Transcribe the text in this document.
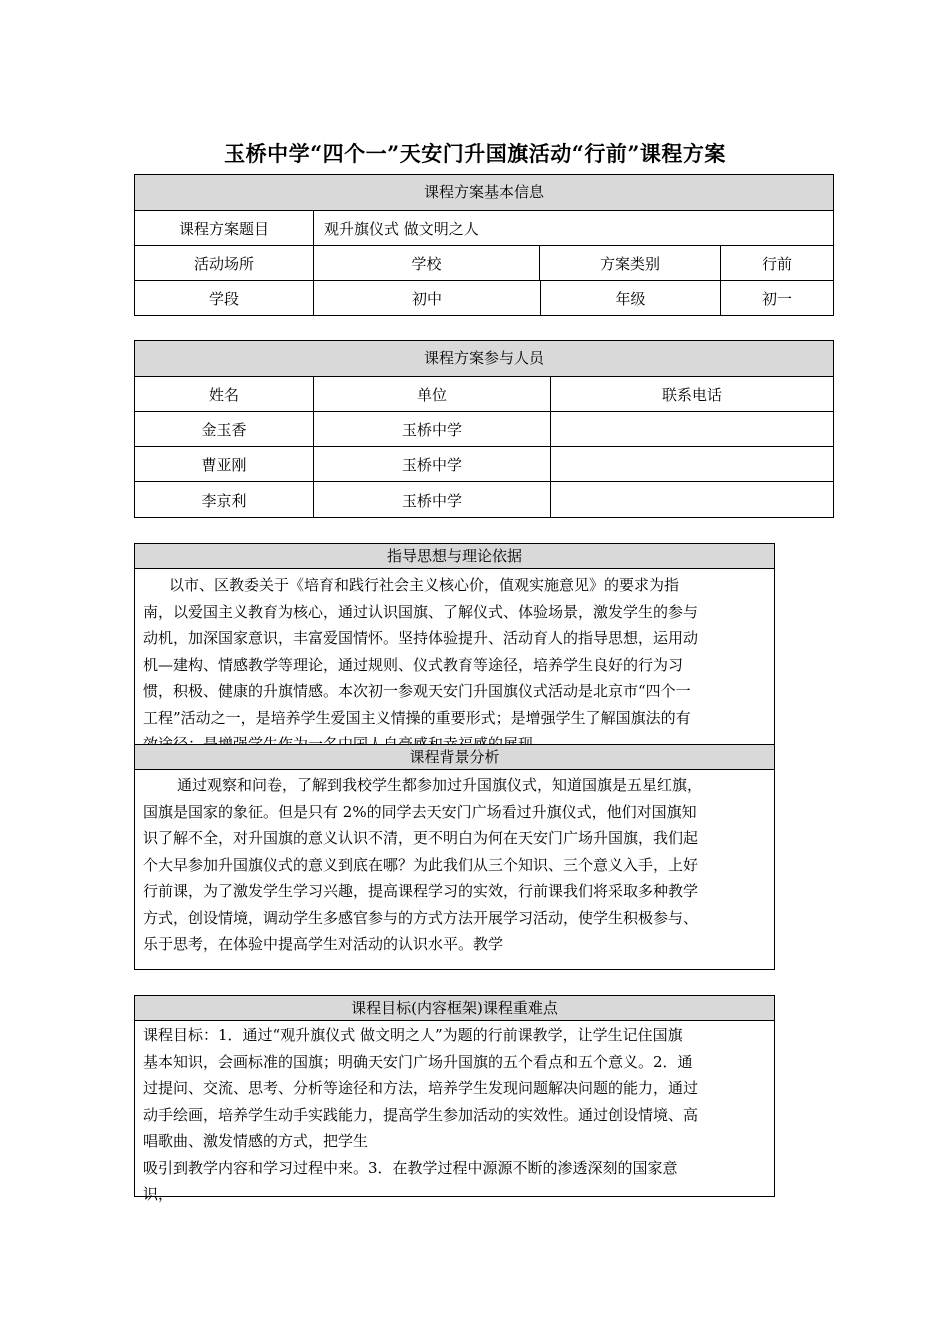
玉桥中学“四个一”天安门升国旗活动“行前”课程方案
课程方案基本信息
课程方案题目	观升旗仪式 做文明之人
活动场所	学校	方案类别	行前
学段	初中	年级	初一
课程方案参与人员
姓名	单位	联系电话
金玉香	玉桥中学
曹亚刚	玉桥中学
李京利	玉桥中学
指导思想与理论依据
以市、区教委关于《培育和践行社会主义核心价，值观实施意见》的要求为指
南，以爱国主义教育为核心，通过认识国旗、了解仪式、体验场景，激发学生的参与
动机，加深国家意识，丰富爱国情怀。坚持体验提升、活动育人的指导思想，运用动
机—建构、情感教学等理论，通过规则、仪式教育等途径，培养学生良好的行为习
惯，积极、健康的升旗情感。本次初一参观天安门升国旗仪式活动是北京市“四个一
工程”活动之一，是培养学生爱国主义情操的重要形式；是增强学生了解国旗法的有
课程背景分析
通过观察和问卷，了解到我校学生都参加过升国旗仪式，知道国旗是五星红旗，
国旗是国家的象征。但是只有 2%的同学去天安门广场看过升旗仪式，他们对国旗知
识了解不全，对升国旗的意义认识不清，更不明白为何在天安门广场升国旗，我们起
个大早参加升国旗仪式的意义到底在哪？为此我们从三个知识、三个意义入手，上好
行前课，为了激发学生学习兴趣，提高课程学习的实效，行前课我们将采取多种教学
方式，创设情境，调动学生多感官参与的方式方法开展学习活动，使学生积极参与、
乐于思考，在体验中提高学生对活动的认识水平。教学
课程目标(内容框架)课程重难点
课程目标：1．通过“观升旗仪式 做文明之人”为题的行前课教学，让学生记住国旗
基本知识，会画标准的国旗；明确天安门广场升国旗的五个看点和五个意义。2．通
过提问、交流、思考、分析等途径和方法，培养学生发现问题解决问题的能力，通过
动手绘画，培养学生动手实践能力，提高学生参加活动的实效性。通过创设情境、高
唱歌曲、激发情感的方式，把学生
吸引到教学内容和学习过程中来。3．在教学过程中源源不断的渗透深刻的国家意
识，
